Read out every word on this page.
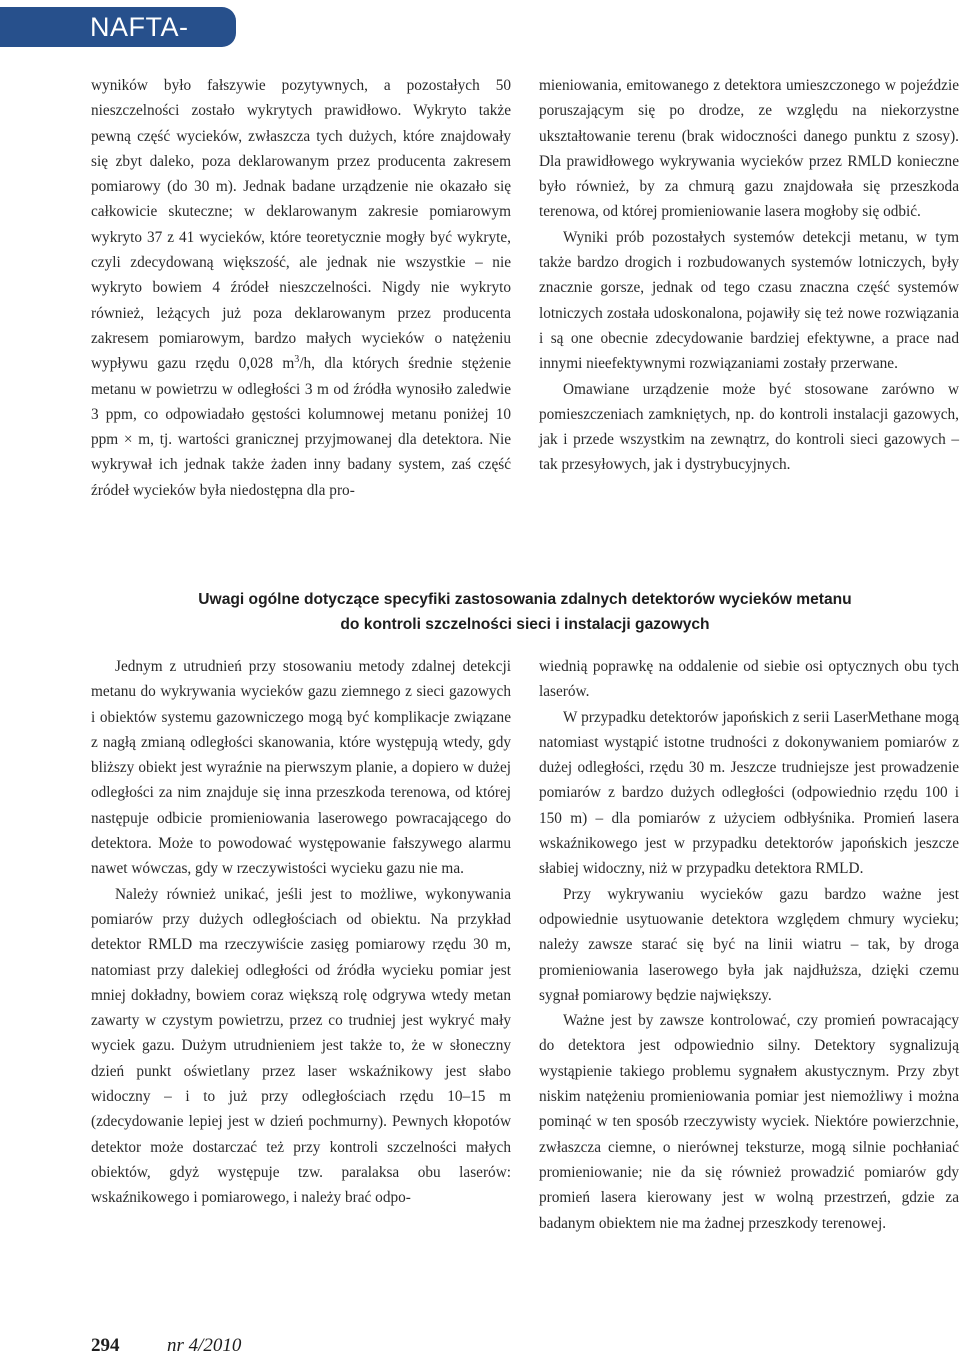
NAFTA-GAZ

wyników było fałszywie pozytywnych, a pozostałych 50 nieszczelności zostało wykrytych prawidłowo. Wykryto także pewną część wycieków, zwłaszcza tych dużych, które znajdowały się zbyt daleko, poza deklarowanym przez producenta zakresem pomiarowy (do 30 m). Jednak badane urządzenie nie okazało się całkowicie skuteczne; w deklarowanym zakresie pomiarowym wykryto 37 z 41 wycieków, które teoretycznie mogły być wykryte, czyli zdecydowaną większość, ale jednak nie wszystkie – nie wykryto bowiem 4 źródeł nieszczelności. Nigdy nie wykryto również, leżących już poza deklarowanym przez producenta zakresem pomiarowym, bardzo małych wycieków o natężeniu wypływu gazu rzędu 0,028 $m^3/h$, dla których średnie stężenie metanu w powietrzu w odległości 3 m od źródła wynosiło zaledwie 3 ppm, co odpowiadało gęstości kolumnowej metanu poniżej 10 ppm × m, tj. wartości granicznej przyjmowanej dla detektora. Nie wykrywał ich jednak także żaden inny badany system, zaś część źródeł wycieków była niedostępna dla pro-

mieniowania, emitowanego z detektora umieszczonego w pojeździe poruszającym się po drodze, ze względu na niekorzystne ukształtowanie terenu (brak widoczności danego punktu z szosy). Dla prawidłowego wykrywania wycieków przez RMLD konieczne było również, by za chmurą gazu znajdowała się przeszkoda terenowa, od której promieniowanie lasera mogłoby się odbić.

Wyniki prób pozostałych systemów detekcji metanu, w tym także bardzo drogich i rozbudowanych systemów lotniczych, były znacznie gorsze, jednak od tego czasu znaczna część systemów lotniczych została udoskonalona, pojawiły się też nowe rozwiązania i są one obecnie zdecydowanie bardziej efektywne, a prace nad innymi nieefektywnymi rozwiązaniami zostały przerwane.

Omawiane urządzenie może być stosowane zarówno w pomieszczeniach zamkniętych, np. do kontroli instalacji gazowych, jak i przede wszystkim na zewnątrz, do kontroli sieci gazowych – tak przesyłowych, jak i dystrybucyjnych.

Uwagi ogólne dotyczące specyfiki zastosowania zdalnych detektorów wycieków metanu
do kontroli szczelności sieci i instalacji gazowych

Jednym z utrudnień przy stosowaniu metody zdalnej detekcji metanu do wykrywania wycieków gazu ziemnego z sieci gazowych i obiektów systemu gazowniczego mogą być komplikacje związane z nagłą zmianą odległości skanowania, które występują wtedy, gdy bliższy obiekt jest wyraźnie na pierwszym planie, a dopiero w dużej odległości za nim znajduje się inna przeszkoda terenowa, od której następuje odbicie promieniowania laserowego powracającego do detektora. Może to powodować występowanie fałszywego alarmu nawet wówczas, gdy w rzeczywistości wycieku gazu nie ma.

Należy również unikać, jeśli jest to możliwe, wykonywania pomiarów przy dużych odległościach od obiektu. Na przykład detektor RMLD ma rzeczywiście zasięg pomiarowy rzędu 30 m, natomiast przy dalekiej odległości od źródła wycieku pomiar jest mniej dokładny, bowiem coraz większą rolę odgrywa wtedy metan zawarty w czystym powietrzu, przez co trudniej jest wykryć mały wyciek gazu. Dużym utrudnieniem jest także to, że w słoneczny dzień punkt oświetlany przez laser wskaźnikowy jest słabo widoczny – i to już przy odległościach rzędu 10–15 m (zdecydowanie lepiej jest w dzień pochmurny). Pewnych kłopotów detektor może dostarczać też przy kontroli szczelności małych obiektów, gdyż występuje tzw. paralaksa obu laserów: wskaźnikowego i pomiarowego, i należy brać odpo-

wiednią poprawkę na oddalenie od siebie osi optycznych obu tych laserów.

W przypadku detektorów japońskich z serii LaserMethane mogą natomiast wystąpić istotne trudności z dokonywaniem pomiarów z dużej odległości, rzędu 30 m. Jeszcze trudniejsze jest prowadzenie pomiarów z bardzo dużych odległości (odpowiednio rzędu 100 i 150 m) – dla pomiarów z użyciem odbłyśnika. Promień lasera wskaźnikowego jest w przypadku detektorów japońskich jeszcze słabiej widoczny, niż w przypadku detektora RMLD.

Przy wykrywaniu wycieków gazu bardzo ważne jest odpowiednie usytuowanie detektora względem chmury wycieku; należy zawsze starać się być na linii wiatru – tak, by droga promieniowania laserowego była jak najdłuższa, dzięki czemu sygnał pomiarowy będzie największy.

Ważne jest by zawsze kontrolować, czy promień powracający do detektora jest odpowiednio silny. Detektory sygnalizują wystąpienie takiego problemu sygnałem akustycznym. Przy zbyt niskim natężeniu promieniowania pomiar jest niemożliwy i można pominąć w ten sposób rzeczywisty wyciek. Niektóre powierzchnie, zwłaszcza ciemne, o nierównej teksturze, mogą silnie pochłaniać promieniowanie; nie da się również prowadzić pomiarów gdy promień lasera kierowany jest w wolną przestrzeń, gdzie za badanym obiektem nie ma żadnej przeszkody terenowej.

294	nr 4/2010
